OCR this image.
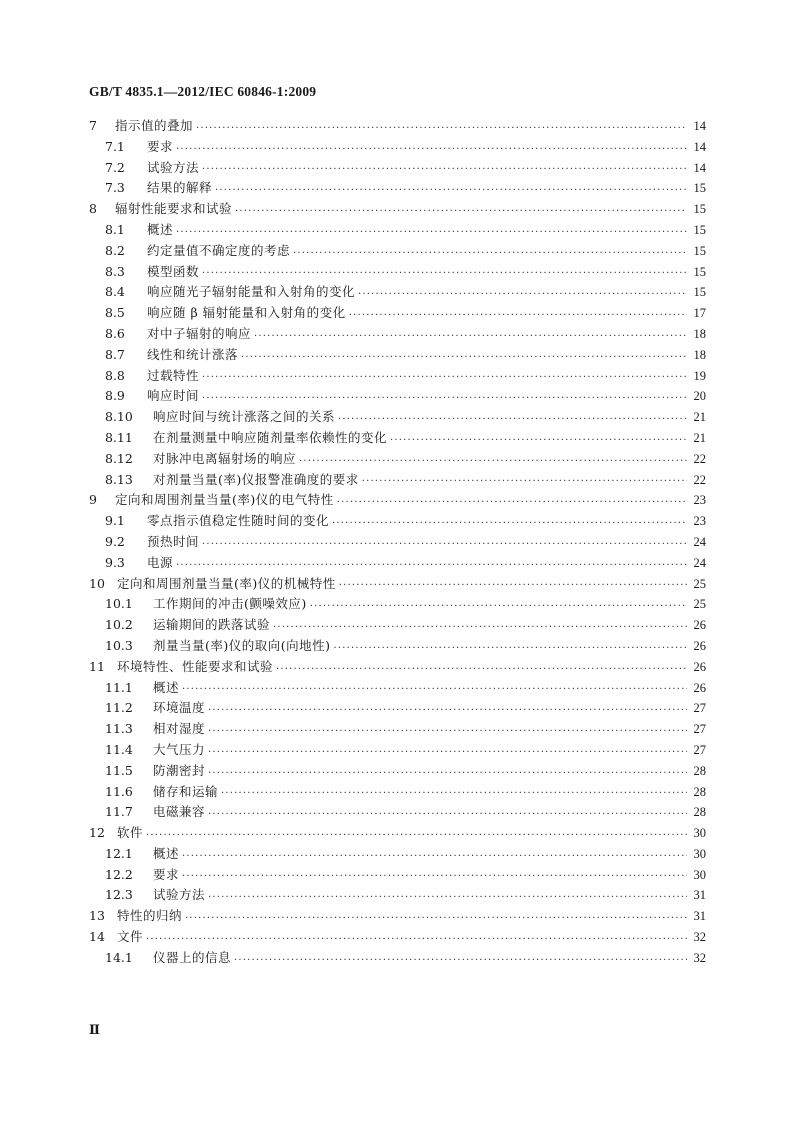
GB/T 4835.1—2012/IEC 60846-1:2009
7	指示值的叠加 ·····	14
7.1	要求 ·····	14
7.2	试验方法 ·····	14
7.3	结果的解释 ·····	15
8	辐射性能要求和试验 ·····	15
8.1	概述 ·····	15
8.2	约定量值不确定度的考虑 ·····	15
8.3	模型函数 ·····	15
8.4	响应随光子辐射能量和入射角的变化 ·····	15
8.5	响应随 β 辐射能量和入射角的变化 ·····	17
8.6	对中子辐射的响应 ·····	18
8.7	线性和统计涨落 ·····	18
8.8	过载特性 ·····	19
8.9	响应时间 ·····	20
8.10	响应时间与统计涨落之间的关系 ·····	21
8.11	在剂量测量中响应随剂量率依赖性的变化 ·····	21
8.12	对脉冲电离辐射场的响应 ·····	22
8.13	对剂量当量(率)仪报警准确度的要求 ·····	22
9	定向和周围剂量当量(率)仪的电气特性 ·····	23
9.1	零点指示值稳定性随时间的变化 ·····	23
9.2	预热时间 ·····	24
9.3	电源 ·····	24
10 定向和周围剂量当量(率)仪的机械特性 ·····	25
10.1	工作期间的冲击(颤噪效应) ·····	25
10.2	运输期间的跌落试验 ·····	26
10.3	剂量当量(率)仪的取向(向地性) ·····	26
11 环境特性、性能要求和试验 ·····	26
11.1	概述 ·····	26
11.2	环境温度 ·····	27
11.3	相对湿度 ·····	27
11.4	大气压力 ·····	27
11.5	防潮密封 ·····	28
11.6	储存和运输 ·····	28
11.7	电磁兼容 ·····	28
12 软件 ·····	30
12.1	概述 ·····	30
12.2	要求 ·····	30
12.3	试验方法 ·····	31
13 特性的归纳 ·····	31
14 文件 ·····	32
14.1	仪器上的信息 ·····	32
Ⅱ
